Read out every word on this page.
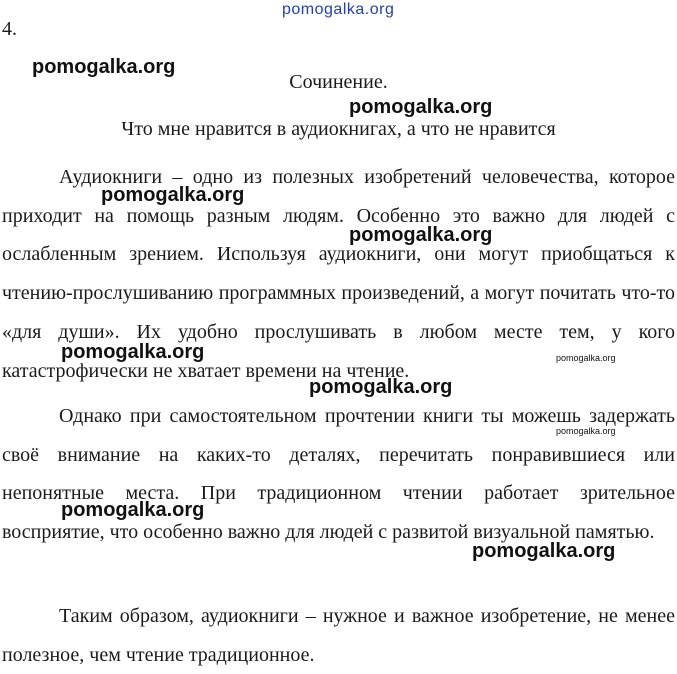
pomogalka.org
4.
Сочинение.
Что мне нравится в аудиокнигах, а что не нравится

Аудиокниги – одно из полезных изобретений человечества, которое приходит на помощь разным людям. Особенно это важно для людей с ослабленным зрением. Используя аудиокниги, они могут приобщаться к чтению-прослушиванию программных произведений, а могут почитать что-то «для души». Их удобно прослушивать в любом месте тем, у кого катастрофически не хватает времени на чтение.

Однако при самостоятельном прочтении книги ты можешь задержать своё внимание на каких-то деталях, перечитать понравившиеся или непонятные места. При традиционном чтении работает зрительное восприятие, что особенно важно для людей с развитой визуальной памятью.

Таким образом, аудиокниги – нужное и важное изобретение, не менее полезное, чем чтение традиционное.

pomogalka.org
pomogalka.org
pomogalka.org
pomogalka.org
pomogalka.org	pomogalka.org
pomogalka.org
pomogalka.org
pomogalka.org
pomogalka.org
